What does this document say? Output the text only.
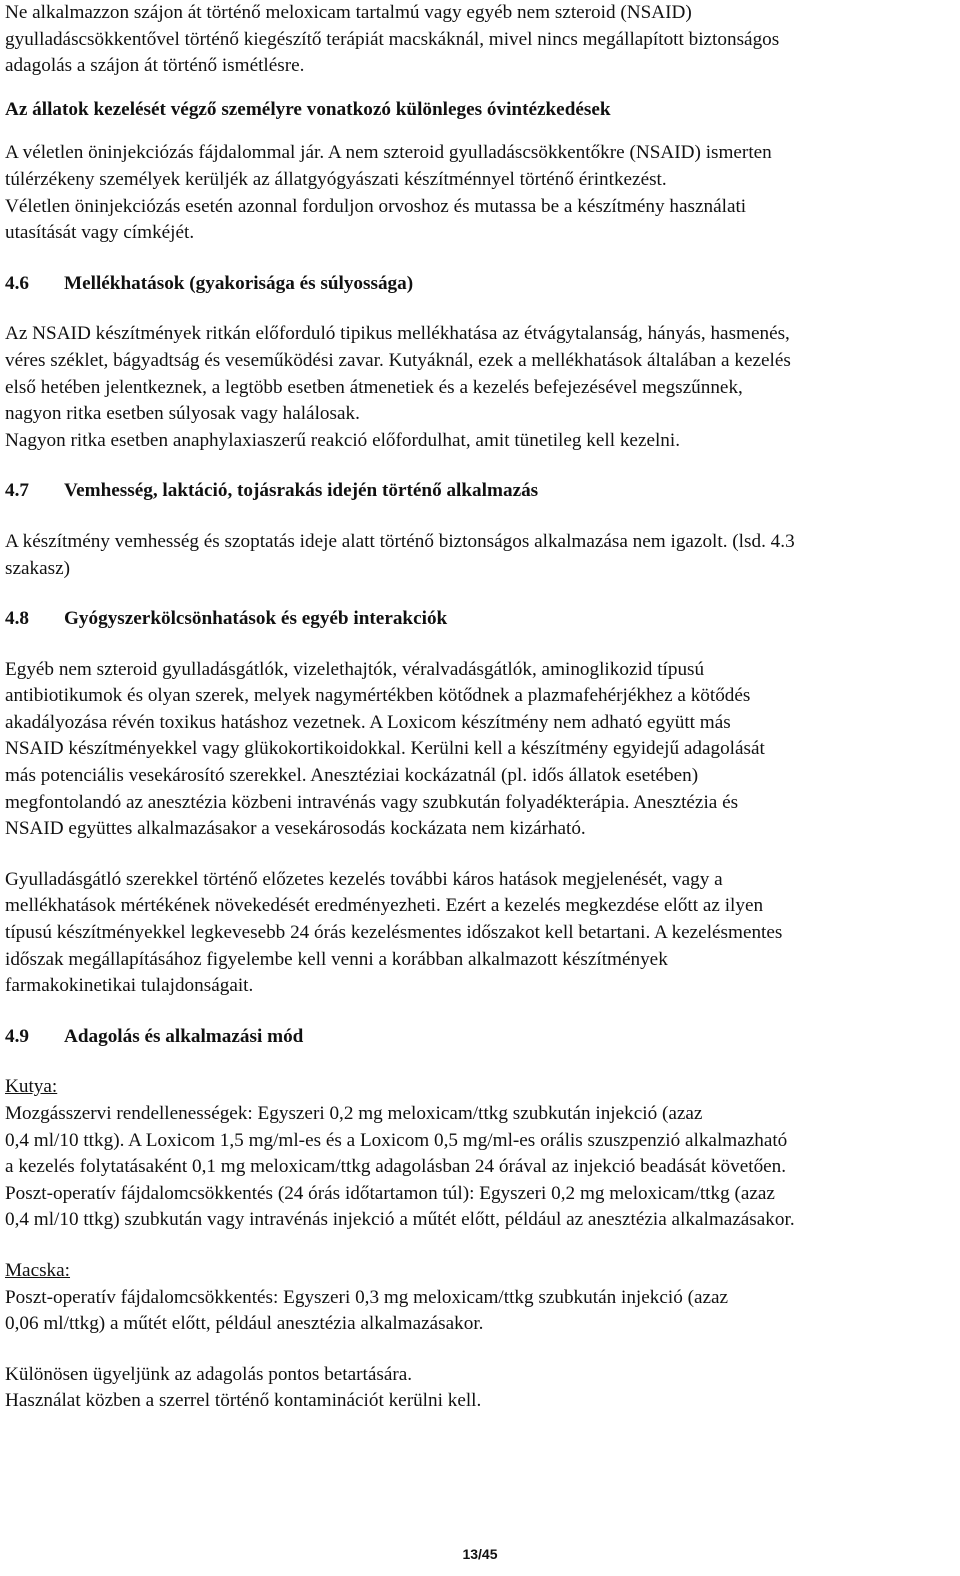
Ne alkalmazzon szájon át történő meloxicam tartalmú vagy egyéb nem szteroid (NSAID)
gyulladáscsökkentővel történő kiegészítő terápiát macskáknál, mivel nincs megállapított biztonságos
adagolás a szájon át történő ismétlésre.

Az állatok kezelését végző személyre vonatkozó különleges óvintézkedések

A véletlen öninjekciózás fájdalommal jár. A nem szteroid gyulladáscsökkentőkre (NSAID) ismerten
túlérzékeny személyek kerüljék az állatgyógyászati készítménnyel történő érintkezést.
Véletlen öninjekciózás esetén azonnal forduljon orvoshoz és mutassa be a készítmény használati
utasítását vagy címkéjét.

4.6	Mellékhatások (gyakorisága és súlyossága)

Az NSAID készítmények ritkán előforduló tipikus mellékhatása az étvágytalanság, hányás, hasmenés,
véres széklet, bágyadtság és veseműködési zavar. Kutyáknál, ezek a mellékhatások általában a kezelés
első hetében jelentkeznek, a legtöbb esetben átmenetiek és a kezelés befejezésével megszűnnek,
nagyon ritka esetben súlyosak vagy halálosak.
Nagyon ritka esetben anaphylaxiaszerű reakció előfordulhat, amit tünetileg kell kezelni.

4.7	Vemhesség, laktáció, tojásrakás idején történő alkalmazás

A készítmény vemhesség és szoptatás ideje alatt történő biztonságos alkalmazása nem igazolt. (lsd. 4.3
szakasz)

4.8	Gyógyszerkölcsönhatások és egyéb interakciók

Egyéb nem szteroid gyulladásgátlók, vizelethajtók, véralvadásgátlók, aminoglikozid típusú
antibiotikumok és olyan szerek, melyek nagymértékben kötődnek a plazmafehérjékhez a kötődés
akadályozása révén toxikus hatáshoz vezetnek. A Loxicom készítmény nem adható együtt más
NSAID készítményekkel vagy glükokortikoidokkal. Kerülni kell a készítmény egyidejű adagolását
más potenciális vesekárosító szerekkel. Anesztéziai kockázatnál (pl. idős állatok esetében)
megfontolandó az anesztézia közbeni intravénás vagy szubkután folyadékterápia. Anesztézia és
NSAID együttes alkalmazásakor a vesekárosodás kockázata nem kizárható.

Gyulladásgátló szerekkel történő előzetes kezelés további káros hatások megjelenését, vagy a
mellékhatások mértékének növekedését eredményezheti. Ezért a kezelés megkezdése előtt az ilyen
típusú készítményekkel legkevesebb 24 órás kezelésmentes időszakot kell betartani. A kezelésmentes
időszak megállapításához figyelembe kell venni a korábban alkalmazott készítmények
farmakokinetikai tulajdonságait.

4.9	Adagolás és alkalmazási mód

Kutya:

Mozgásszervi rendellenességek: Egyszeri 0,2 mg meloxicam/ttkg szubkután injekció (azaz
0,4 ml/10 ttkg). A Loxicom 1,5 mg/ml-es és a Loxicom 0,5 mg/ml-es orális szuszpenzió alkalmazható
a kezelés folytatásaként 0,1 mg meloxicam/ttkg adagolásban 24 órával az injekció beadását követően.
Poszt-operatív fájdalomcsökkentés (24 órás időtartamon túl): Egyszeri 0,2 mg meloxicam/ttkg (azaz
0,4 ml/10 ttkg) szubkután vagy intravénás injekció a műtét előtt, például az anesztézia alkalmazásakor.

Macska:

Poszt-operatív fájdalomcsökkentés: Egyszeri 0,3 mg meloxicam/ttkg szubkután injekció (azaz
0,06 ml/ttkg) a műtét előtt, például anesztézia alkalmazásakor.

Különösen ügyeljünk az adagolás pontos betartására.
Használat közben a szerrel történő kontaminációt kerülni kell.

13/45
